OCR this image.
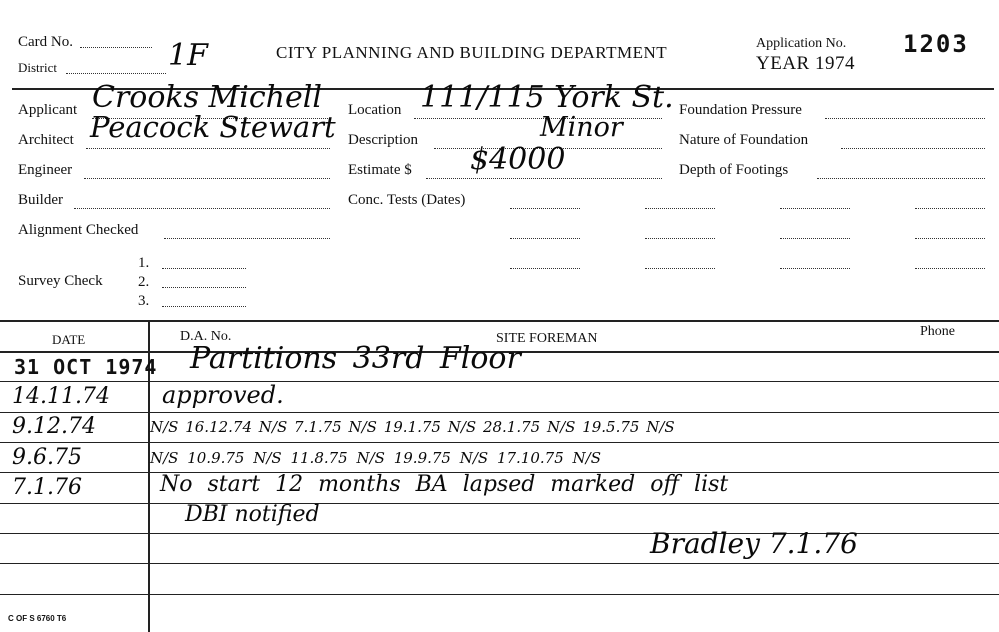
Card No.
District	1F	CITY PLANNING AND BUILDING DEPARTMENT	Application No. 1203
YEAR 1974
Applicant Crooks Michell
Architect Peacock Stewart
Engineer
Builder
Alignment Checked
Survey Check
1.
2.
3.
Location 111/115 York St.
Description	Minor
Estimate $ $4000
Conc. Tests (Dates)
Foundation Pressure
Nature of Foundation
Depth of Footings
DATE	D.A. No.	SITE FOREMAN	Phone
31 OCT 1974 Partitions 33rd Floor
14.11.74 approved.
9.12.74	N/S 16.12.74 N/S 7.1.75 N/S 19.1.75 N/S 28.1.75 N/S 19.5.75 N/S
9.6.75	N/S 10.9.75 N/S 11.8.75 N/S 19.9.75 N/S 17.10.75 N/S
7.1.76	No start 12 months BA lapsed marked off list
DBI notified
Bradley 7.1.76
C OF S 6760 T6
